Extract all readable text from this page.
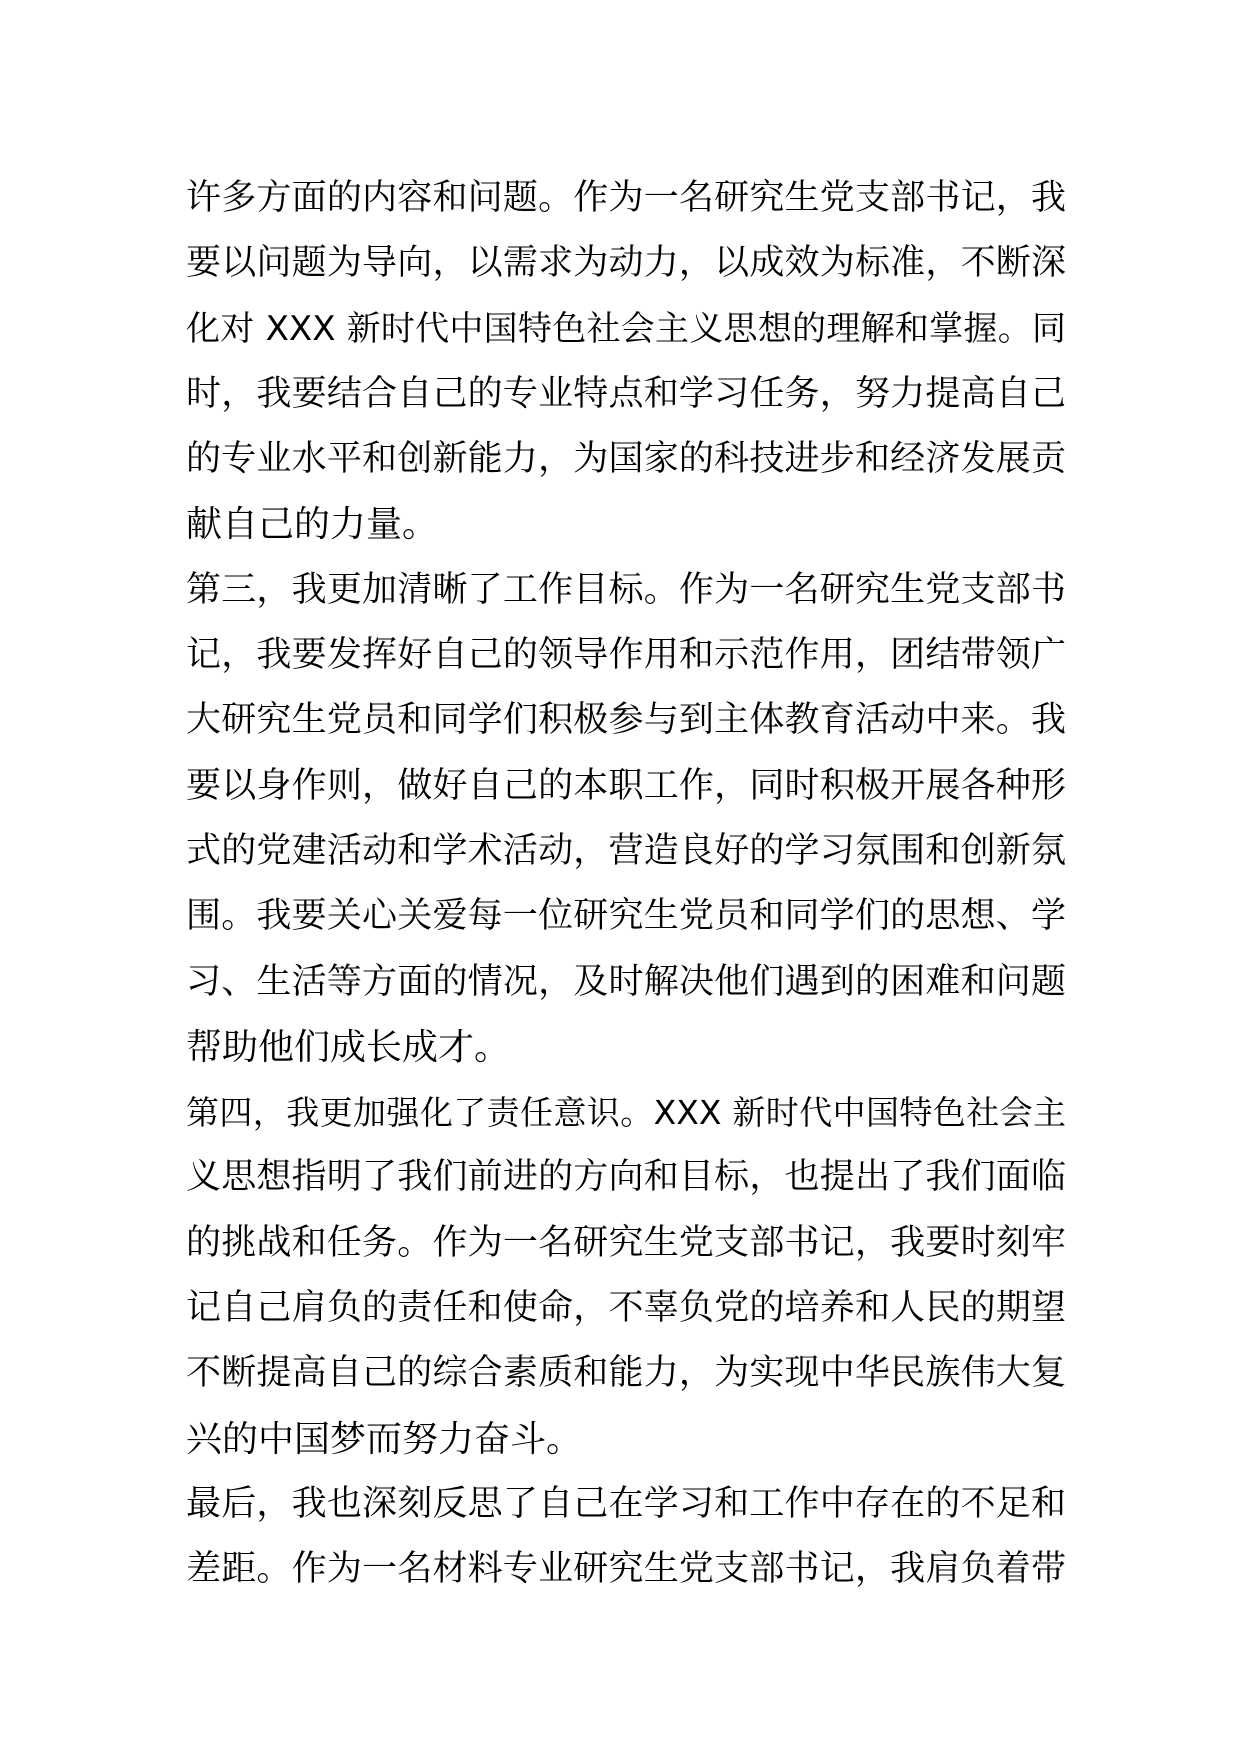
许多方面的内容和问题。作为一名研究生党支部书记，我
要以问题为导向，以需求为动力，以成效为标准，不断深
化对 XXX 新时代中国特色社会主义思想的理解和掌握。同
时，我要结合自己的专业特点和学习任务，努力提高自己
的专业水平和创新能力，为国家的科技进步和经济发展贡
献自己的力量。
第三，我更加清晰了工作目标。作为一名研究生党支部书
记，我要发挥好自己的领导作用和示范作用，团结带领广
大研究生党员和同学们积极参与到主体教育活动中来。我
要以身作则，做好自己的本职工作，同时积极开展各种形
式的党建活动和学术活动，营造良好的学习氛围和创新氛
围。我要关心关爱每一位研究生党员和同学们的思想、学
习、生活等方面的情况，及时解决他们遇到的困难和问题
帮助他们成长成才。
第四，我更加强化了责任意识。XXX 新时代中国特色社会主
义思想指明了我们前进的方向和目标，也提出了我们面临
的挑战和任务。作为一名研究生党支部书记，我要时刻牢
记自己肩负的责任和使命，不辜负党的培养和人民的期望
不断提高自己的综合素质和能力，为实现中华民族伟大复
兴的中国梦而努力奋斗。
最后，我也深刻反思了自己在学习和工作中存在的不足和
差距。作为一名材料专业研究生党支部书记，我肩负着带
